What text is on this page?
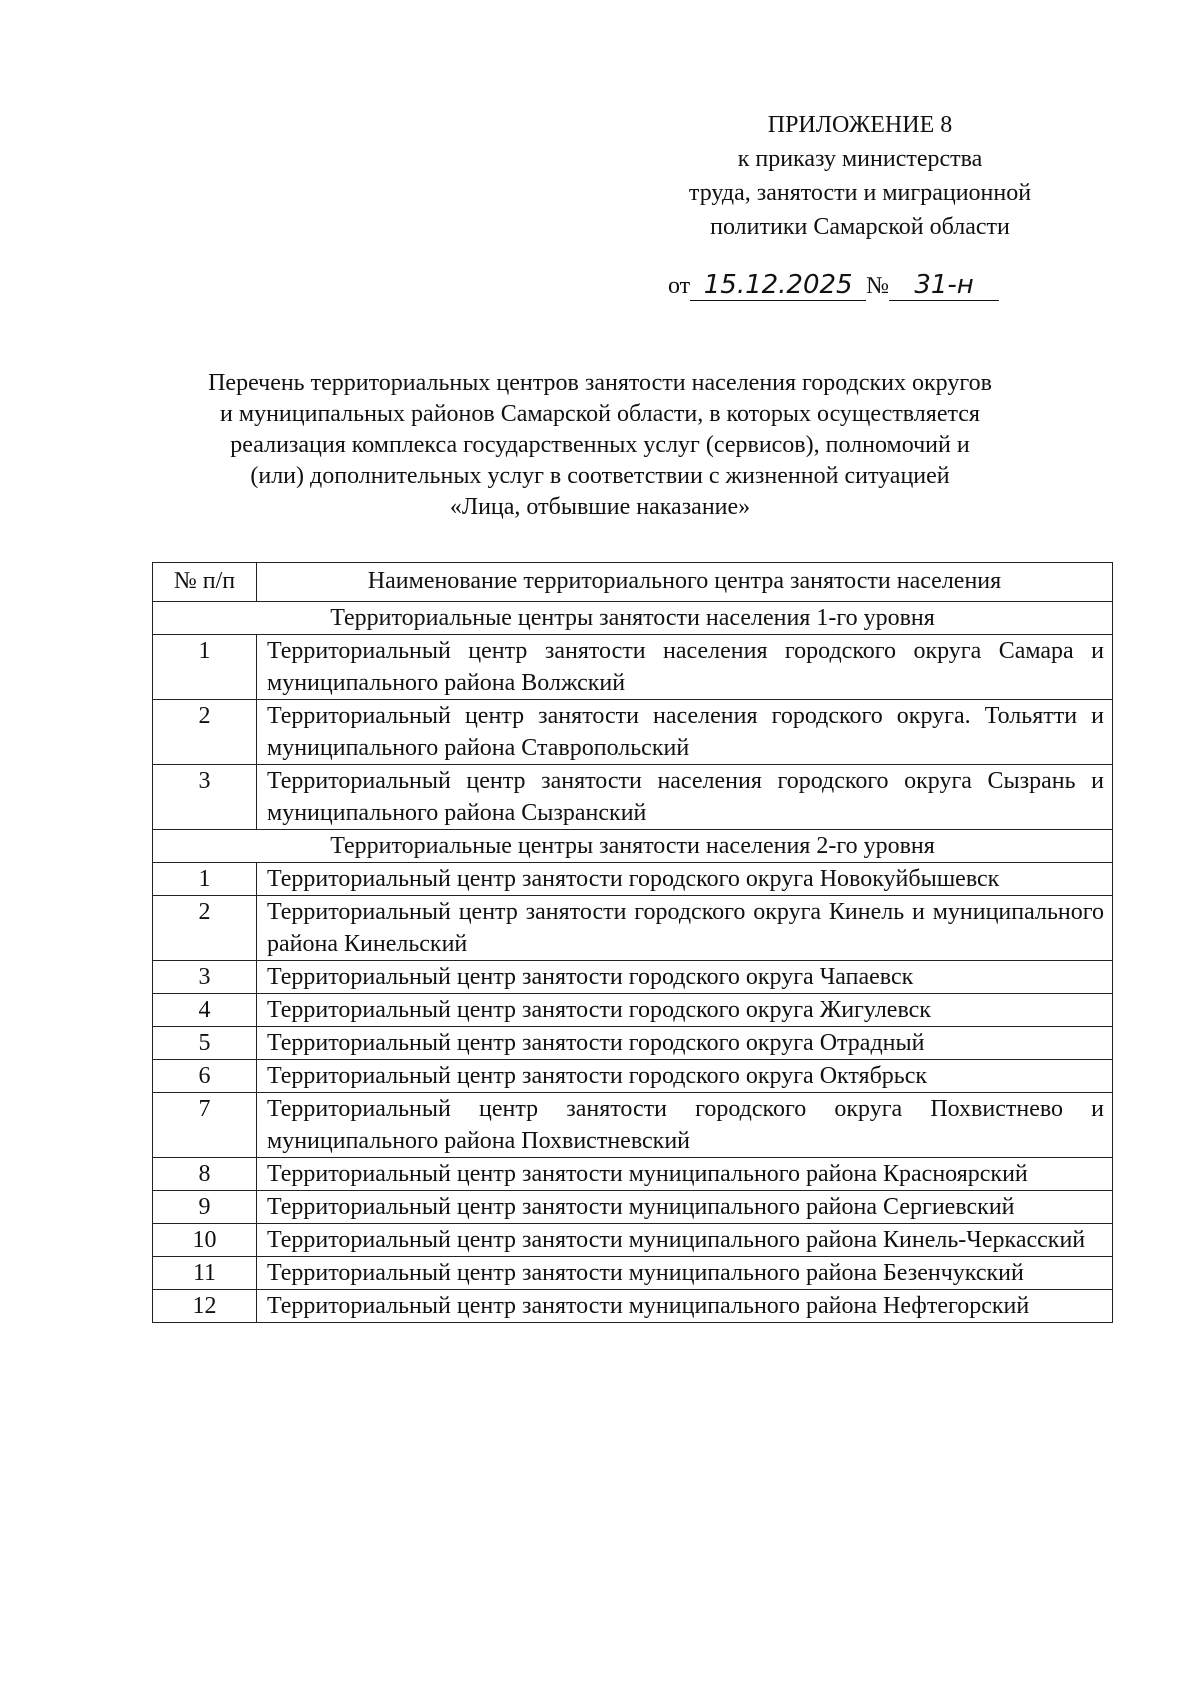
ПРИЛОЖЕНИЕ 8
к приказу министерства
труда, занятости и миграционной
политики Самарской области
от 15.12.2025 № 31-н
Перечень территориальных центров занятости населения городских округов
и муниципальных районов Самарской области, в которых осуществляется
реализация комплекса государственных услуг (сервисов), полномочий и
(или) дополнительных услуг в соответствии с жизненной ситуацией
«Лица, отбывшие наказание»
№ п/п	Наименование территориального центра занятости населения
Территориальные центры занятости населения 1-го уровня	
1	Территориальный центр занятости населения городского округа Самара и муниципального района Волжский
2	Территориальный центр занятости населения городского округа. Тольятти и муниципального района Ставропольский
3	Территориальный центр занятости населения городского округа Сызрань и муниципального района Сызранский
Территориальные центры занятости населения 2-го уровня	
1	Территориальный центр занятости городского округа Новокуйбышевск
2	Территориальный центр занятости городского округа Кинель и муниципального района Кинельский
3	Территориальный центр занятости городского округа Чапаевск
4	Территориальный центр занятости городского округа Жигулевск
5	Территориальный центр занятости городского округа Отрадный
6	Территориальный центр занятости городского округа Октябрьск
7	Территориальный центр занятости городского округа Похвистнево и муниципального района Похвистневский
8	Территориальный центр занятости муниципального района Красноярский
9	Территориальный центр занятости муниципального района Сергиевский
10	Территориальный центр занятости муниципального района Кинель-Черкасский
11	Территориальный центр занятости муниципального района Безенчукский
12	Территориальный центр занятости муниципального района Нефтегорский
